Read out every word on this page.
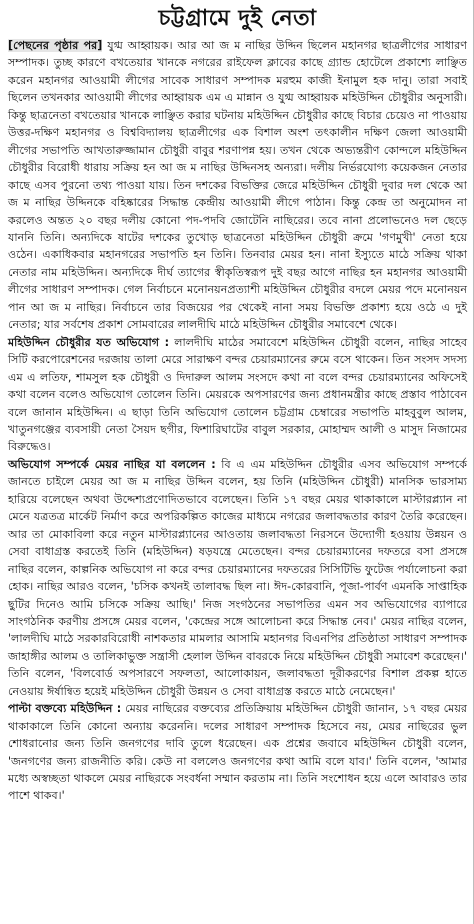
চট্টগ্রামে দুই নেতা

[পেছনের পৃষ্ঠার পর] যুগ্ম আহ্বায়ক। আর আ জ ম নাছির উদ্দিন ছিলেন মহানগর ছাত্রলীগের সাধারণ সম্পাদক। তুচ্ছ কারণে বখতেয়ার খানকে নগরের রাইফেল ক্লাবের কাছে গ্র্যান্ড হোটেলে প্রকাশ্যে লাঞ্ছিত করেন মহানগর আওয়ামী লীগের সাবেক সাধারণ সম্পাদক মরহুম কাজী ইনামুল হক দানু। তারা সবাই ছিলেন তখনকার আওয়ামী লীগের আহ্বায়ক এম এ মান্নান ও যুগ্ম আহ্বায়ক মহিউদ্দিন চৌধুরীর অনুসারী। কিন্তু ছাত্রনেতা বখতেয়ার খানকে লাঞ্ছিত করার ঘটনায় মহিউদ্দিন চৌধুরীর কাছে বিচার চেয়েও না পাওয়ায় উত্তর-দক্ষিণ মহানগর ও বিশ্ববিদ্যালয় ছাত্রলীগের এক বিশাল অংশ তৎকালীন দক্ষিণ জেলা আওয়ামী লীগের সভাপতি আখতারুজ্জামান চৌধুরী বাবুর শরণাপন্ন হয়। তখন থেকে অভ্যন্তরীণ কোন্দলে মহিউদ্দিন চৌধুরীর বিরোধী ধারায় সক্রিয় হন আ জ ম নাছির উদ্দিনসহ অন্যরা। দলীয় নির্ভরযোগ্য কয়েকজন নেতার কাছে এসব পুরনো তথ্য পাওয়া যায়। তিন দশকের বিভক্তির জেরে মহিউদ্দিন চৌধুরী দুবার দল থেকে আ জ ম নাছির উদ্দিনকে বহিষ্কারের সিদ্ধান্ত কেন্দ্রীয় আওয়ামী লীগে পাঠান। কিন্তু কেন্দ্র তা অনুমোদন না করলেও অন্তত ২০ বছর দলীয় কোনো পদ-পদবি জোটেনি নাছিরের। তবে নানা প্রলোভনেও দল ছেড়ে যাননি তিনি। অন্যদিকে ষাটের দশকের তুখোড় ছাত্রনেতা মহিউদ্দিন চৌধুরী ক্রমে 'গণমুখী' নেতা হয়ে ওঠেন। একাধিকবার মহানগরের সভাপতি হন তিনি। তিনবার মেয়র হন। নানা ইস্যুতে মাঠে সক্রিয় থাকা নেতার নাম মহিউদ্দিন। অন্যদিকে দীর্ঘ ত্যাগের স্বীকৃতিস্বরূপ দুই বছর আগে নাছির হন মহানগর আওয়ামী লীগের সাধারণ সম্পাদক। গেল নির্বাচনে মনোনয়নপ্রত্যাশী মহিউদ্দিন চৌধুরীর বদলে মেয়র পদে মনোনয়ন পান আ জ ম নাছির। নির্বাচনে তার বিজয়ের পর থেকেই নানা সময় বিভক্তি প্রকাশ্য হয়ে ওঠে এ দুই নেতার; যার সর্বশেষ প্রকাশ সোমবারের লালদীঘি মাঠে মহিউদ্দিন চৌধুরীর সমাবেশে থেকে।

মহিউদ্দিন চৌধুরীর যত অভিযোগ : লালদীঘি মাঠের সমাবেশে মহিউদ্দিন চৌধুরী বলেন, নাছির সাহেব সিটি করপোরেশনের দরজায় তালা মেরে সারাক্ষণ বন্দর চেয়ারম্যানের রুমে বসে থাকেন। তিন সংসদ সদস্য এম এ লতিফ, শামসুল হক চৌধুরী ও দিদারুল আলম সংসদে কথা না বলে বন্দর চেয়ারম্যানের অফিসেই কথা বলেন বলেও অভিযোগ তোলেন তিনি। মেয়রকে অপসারণের জন্য প্রধানমন্ত্রীর কাছে প্রস্তাব পাঠাবেন বলে জানান মহিউদ্দিন। এ ছাড়া তিনি অভিযোগ তোলেন চট্টগ্রাম চেম্বারের সভাপতি মাহবুবুল আলম, খাতুনগঞ্জের ব্যবসায়ী নেতা সৈয়দ ছগীর, ফিশারিঘাটের বাবুল সরকার, মোহাম্মদ আলী ও মাসুদ নিজামের বিরুদ্ধেও।

অভিযোগ সম্পর্কে মেয়র নাছির যা বললেন : বি এ এম মহিউদ্দিন চৌধুরীর এসব অভিযোগ সম্পর্কে জানতে চাইলে মেয়র আ জ ম নাছির উদ্দিন বলেন, হয় তিনি (মহিউদ্দিন চৌধুরী) মানসিক ভারসাম্য হারিয়ে বলেছেন অথবা উদ্দেশ্যপ্রণোদিতভাবে বলেছেন। তিনি ১৭ বছর মেয়র থাকাকালে মাস্টারপ্ল্যান না মেনে যত্রতত্র মার্কেট নির্মাণ করে অপরিকল্পিত কাজের মাধ্যমে নগরের জলাবদ্ধতার কারণ তৈরি করেছেন। আর তা মোকাবিলা করে নতুন মাস্টারপ্ল্যানের আওতায় জলাবদ্ধতা নিরসনে উদ্যোগী হওয়ায় উন্নয়ন ও সেবা বাধাগ্রস্ত করতেই তিনি (মহিউদ্দিন) ষড়যন্ত্রে মেতেছেন। বন্দর চেয়ারম্যানের দফতরে বসা প্রসঙ্গে নাছির বলেন, কাল্পনিক অভিযোগ না করে বন্দর চেয়ারম্যানের দফতরের সিসিটিভি ফুটেজ পর্যালোচনা করা হোক। নাছির আরও বলেন, 'চসিক কখনই তালাবদ্ধ ছিল না। ঈদ-কোরবানি, পূজা-পার্বণ এমনকি সাপ্তাহিক ছুটির দিনেও আমি চসিকে সক্রিয় আছি।' নিজ সংগঠনের সভাপতির এমন সব অভিযোগের ব্যাপারে সাংগঠনিক করণীয় প্রসঙ্গে মেয়র বলেন, 'কেন্দ্রের সঙ্গে আলোচনা করে সিদ্ধান্ত নেব।' মেয়র নাছির বলেন, 'লালদীঘি মাঠে সরকারবিরোধী নাশকতার মামলার আসামি মহানগর বিএনপির প্রতিষ্ঠাতা সাধারণ সম্পাদক জাহাঙ্গীর আলম ও তালিকাভুক্ত সন্ত্রাসী হেলাল উদ্দিন বাবরকে নিয়ে মহিউদ্দিন চৌধুরী সমাবেশ করেছেন।' তিনি বলেন, 'বিলবোর্ড অপসারণে সফলতা, আলোকায়ন, জলাবদ্ধতা দূরীকরণের বিশাল প্রকল্প হাতে নেওয়ায় ঈর্ষান্বিত হয়েই মহিউদ্দিন চৌধুরী উন্নয়ন ও সেবা বাধাগ্রস্ত করতে মাঠে নেমেছেন।'

পাল্টা বক্তব্যে মহিউদ্দিন : মেয়র নাছিরের বক্তব্যের প্রতিক্রিয়ায় মহিউদ্দিন চৌধুরী জানান, ১৭ বছর মেয়র থাকাকালে তিনি কোনো অন্যায় করেননি। দলের সাধারণ সম্পাদক হিসেবে নয়, মেয়র নাছিরের ভুল শোধরানোর জন্য তিনি জনগণের দাবি তুলে ধরেছেন। এক প্রশ্নের জবাবে মহিউদ্দিন চৌধুরী বলেন, 'জনগণের জন্য রাজনীতি করি। কেউ না বললেও জনগণের কথা আমি বলে যাব।' তিনি বলেন, 'আমার মধ্যে অস্বচ্ছতা থাকলে মেয়র নাছিরকে সংবর্ধনা সম্মান করতাম না। তিনি সংশোধন হয়ে এলে আবারও তার পাশে থাকব।'
